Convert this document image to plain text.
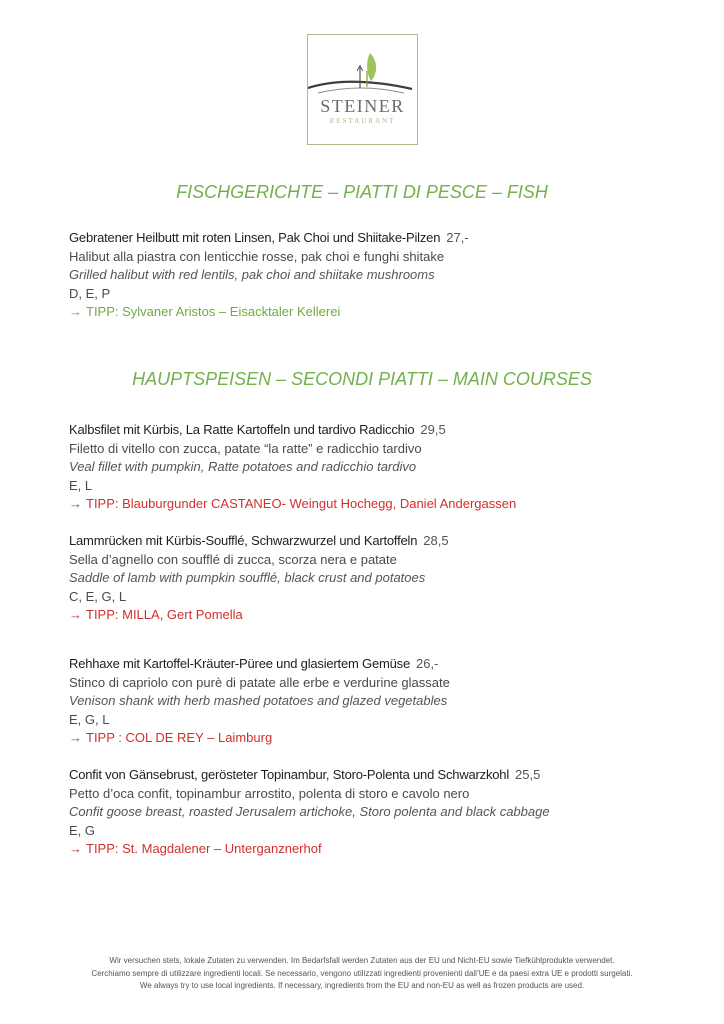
STEINER
RESTAURANT
FISCHGERICHTE – PIATTI DI PESCE – FISH
Gebratener Heilbutt mit roten Linsen, Pak Choi und Shiitake-Pilzen 27,-
Halibut alla piastra con lenticchie rosse, pak choi e funghi shitake
Grilled halibut with red lentils, pak choi and shiitake mushrooms
D, E, P
→ TIPP: Sylvaner Aristos – Eisacktaler Kellerei
HAUPTSPEISEN – SECONDI PIATTI – MAIN COURSES
Kalbsfilet mit Kürbis, La Ratte Kartoffeln und tardivo Radicchio 29,5
Filetto di vitello con zucca, patate “la ratte” e radicchio tardivo
Veal fillet with pumpkin, Ratte potatoes and radicchio tardivo
E, L
→ TIPP: Blauburgunder CASTANEO- Weingut Hochegg, Daniel Andergassen
Lammrücken mit Kürbis-Soufflé, Schwarzwurzel und Kartoffeln 28,5
Sella d’agnello con soufflé di zucca, scorza nera e patate
Saddle of lamb with pumpkin soufflé, black crust and potatoes
C, E, G, L
→ TIPP: MILLA, Gert Pomella
Rehhaxe mit Kartoffel-Kräuter-Püree und glasiertem Gemüse 26,-
Stinco di capriolo con purè di patate alle erbe e verdurine glassate
Venison shank with herb mashed potatoes and glazed vegetables
E, G, L
→ TIPP : COL DE REY – Laimburg
Confit von Gänsebrust, gerösteter Topinambur, Storo-Polenta und Schwarzkohl 25,5
Petto d’oca confit, topinambur arrostito, polenta di storo e cavolo nero
Confit goose breast, roasted Jerusalem artichoke, Storo polenta and black cabbage
E, G
→ TIPP: St. Magdalener – Unterganznerhof
Wir versuchen stets, lokale Zutaten zu verwenden. Im Bedarfsfall werden Zutaten aus der EU und Nicht-EU sowie Tiefkühlprodukte verwendet.
Cerchiamo sempre di utilizzare ingredienti locali. Se necessario, vengono utilizzati ingredienti provenienti dall’UE e da paesi extra UE e prodotti surgelati.
We always try to use local ingredients. If necessary, ingredients from the EU and non-EU as well as frozen products are used.
